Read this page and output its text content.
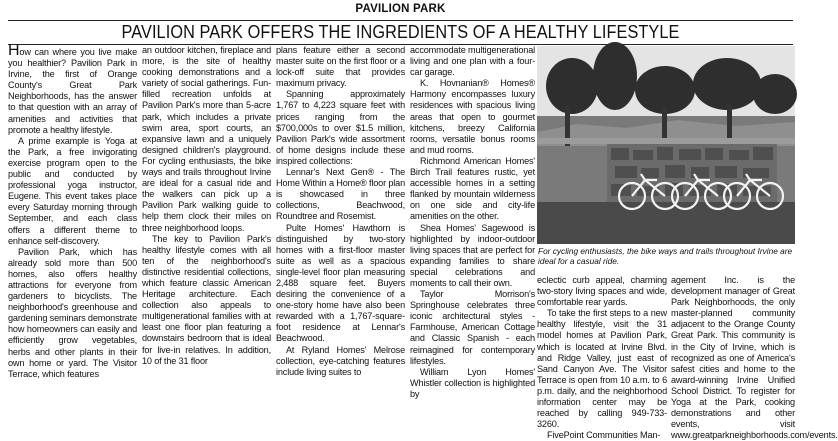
PAVILION PARK
PAVILION PARK OFFERS THE INGREDIENTS OF A HEALTHY LIFESTYLE

How can where you live make you healthier? Pavilion Park in Irvine, the first of Orange County's Great Park Neighborhoods, has the answer to that question with an array of amenities and activities that promote a healthy lifestyle.

A prime example is Yoga at the Park, a free invigorating exercise program open to the public and conducted by professional yoga instructor, Eugene. This event takes place every Saturday morning through September, and each class offers a different theme to enhance self-discovery.

Pavilion Park, which has already sold more than 500 homes, also offers healthy attractions for everyone from gardeners to bicyclists. The neighborhood's greenhouse and gardening seminars demonstrate how homeowners can easily and efficiently grow vegetables, herbs and other plants in their own home or yard. The Visitor Terrace, which features

an outdoor kitchen, fireplace and more, is the site of healthy cooking demonstrations and a variety of social gatherings. Fun-filled recreation unfolds at Pavilion Park's more than 5-acre park, which includes a private swim area, sport courts, an expansive lawn and a uniquely designed children's playground. For cycling enthusiasts, the bike ways and trails throughout Irvine are ideal for a casual ride and the walkers can pick up a Pavilion Park walking guide to help them clock their miles on three neighborhood loops.

The key to Pavilion Park's healthy lifestyle comes with all ten of the neighborhood's distinctive residential collections, which feature classic American Heritage architecture. Each collection also appeals to multigenerational families with at least one floor plan featuring a downstairs bedroom that is ideal for live-in relatives. In addition, 10 of the 31 floor

plans feature either a second master suite on the first floor or a lock-off suite that provides maximum privacy.

Spanning approximately 1,767 to 4,223 square feet with prices ranging from the $700,000s to over $1.5 million, Pavilion Park's wide assortment of home designs include these inspired collections:

Lennar's Next Gen® - The Home Within a Home® floor plan is showcased in three collections, Beachwood, Roundtree and Rosemist.

Pulte Homes' Hawthorn is distinguished by two-story homes with a first-floor master suite as well as a spacious single-level floor plan measuring 2,488 square feet. Buyers desiring the convenience of a one-story home have also been rewarded with a 1,767-square-foot residence at Lennar's Beachwood.

At Ryland Homes' Melrose collection, eye-catching features include living suites to

accommodate multigenerational living and one plan with a four-car garage.

K. Hovnanian® Homes® Harmony encompasses luxury residences with spacious living areas that open to gourmet kitchens, breezy California rooms, versatile bonus rooms and mud rooms.

Richmond American Homes' Birch Trail features rustic, yet accessible homes in a setting flanked by mountain wilderness on one side and city-life amenities on the other.

Shea Homes' Sagewood is highlighted by indoor-outdoor living spaces that are perfect for expanding families to share special celebrations and moments to call their own.

Taylor Morrison's Springhouse celebrates three iconic architectural styles - Farmhouse, American Cottage and Classic Spanish - each reimagined for contemporary lifestyles.

William Lyon Homes' Whistler collection is highlighted by

For cycling enthusiasts, the bike ways and trails throughout Irvine are ideal for a casual ride.

eclectic curb appeal, charming two-story living spaces and wide, comfortable rear yards.

To take the first steps to a new healthy lifestyle, visit the 31 model homes at Pavilion Park, which is located at Irvine Blvd. and Ridge Valley, just east of Sand Canyon Ave. The Visitor Terrace is open from 10 a.m. to 6 p.m. daily, and the neighborhood information center may be reached by calling 949-733-3260.

FivePoint Communities Man-

agement Inc. is the development manager of Great Park Neighborhoods, the only master-planned community adjacent to the Orange County Great Park. This community is in the City of Irvine, which is recognized as one of America's safest cities and home to the award-winning Irvine Unified School District. To register for Yoga at the Park, cooking demonstrations and other events, visit www.greatparkneighborhoods.com/events.
